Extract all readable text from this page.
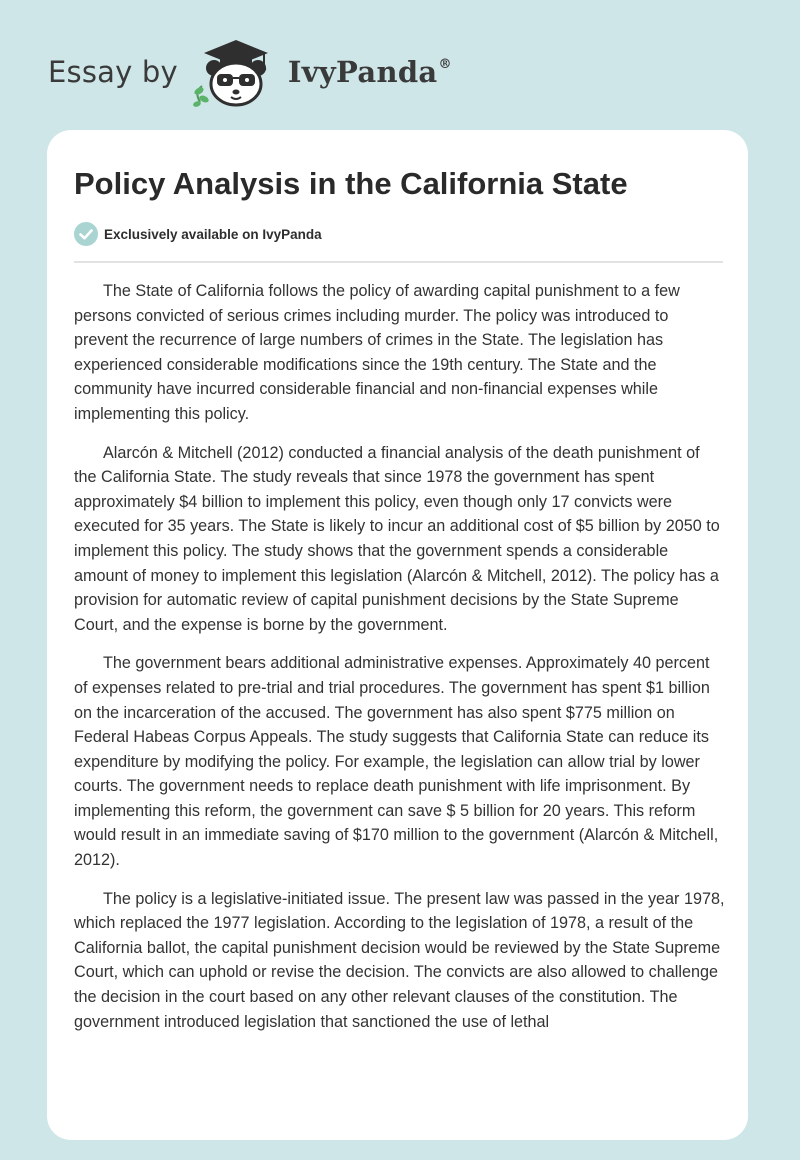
Essay by	IvyPanda®
Policy Analysis in the California State
Exclusively available on IvyPanda

The State of California follows the policy of awarding capital punishment to a few persons convicted of serious crimes including murder. The policy was introduced to prevent the recurrence of large numbers of crimes in the State. The legislation has experienced considerable modifications since the 19th century. The State and the community have incurred considerable financial and non-financial expenses while implementing this policy.

Alarcón & Mitchell (2012) conducted a financial analysis of the death punishment of the California State. The study reveals that since 1978 the government has spent approximately $4 billion to implement this policy, even though only 17 convicts were executed for 35 years. The State is likely to incur an additional cost of $5 billion by 2050 to implement this policy. The study shows that the government spends a considerable amount of money to implement this legislation (Alarcón & Mitchell, 2012). The policy has a provision for automatic review of capital punishment decisions by the State Supreme Court, and the expense is borne by the government.

The government bears additional administrative expenses. Approximately 40 percent of expenses related to pre-trial and trial procedures. The government has spent $1 billion on the incarceration of the accused. The government has also spent $775 million on Federal Habeas Corpus Appeals. The study suggests that California State can reduce its expenditure by modifying the policy. For example, the legislation can allow trial by lower courts. The government needs to replace death punishment with life imprisonment. By implementing this reform, the government can save $ 5 billion for 20 years. This reform would result in an immediate saving of $170 million to the government (Alarcón & Mitchell, 2012).

The policy is a legislative-initiated issue. The present law was passed in the year 1978, which replaced the 1977 legislation. According to the legislation of 1978, a result of the California ballot, the capital punishment decision would be reviewed by the State Supreme Court, which can uphold or revise the decision. The convicts are also allowed to challenge the decision in the court based on any other relevant clauses of the constitution. The government introduced legislation that sanctioned the use of lethal
